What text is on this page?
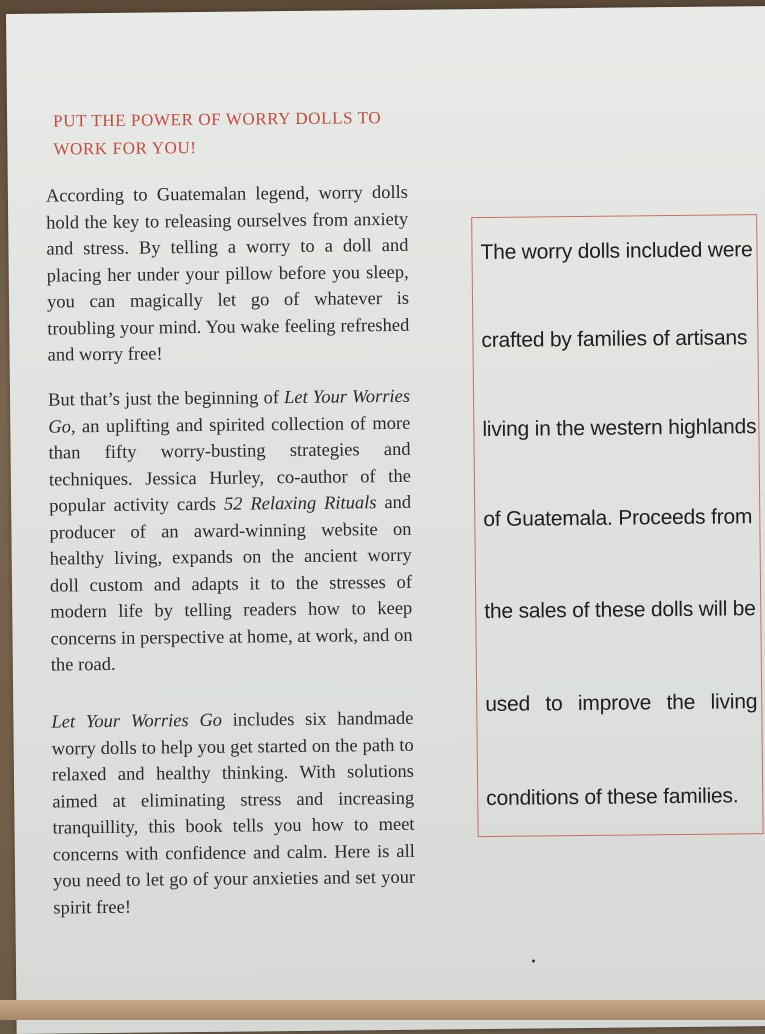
PUT THE POWER OF WORRY DOLLS TO WORK FOR YOU!

According to Guatemalan legend, worry dolls hold the key to releasing ourselves from anxiety and stress. By telling a worry to a doll and placing her under your pillow before you sleep, you can magically let go of whatever is troubling your mind. You wake feeling refreshed and worry free!

But that’s just the beginning of Let Your Worries Go, an uplifting and spirited collection of more than fifty worry-busting strategies and techniques. Jessica Hurley, co-author of the popular activity cards 52 Relaxing Rituals and producer of an award-winning website on healthy living, expands on the ancient worry doll custom and adapts it to the stresses of modern life by telling readers how to keep concerns in perspective at home, at work, and on the road.

Let Your Worries Go includes six handmade worry dolls to help you get started on the path to relaxed and healthy thinking. With solutions aimed at eliminating stress and increasing tranquillity, this book tells you how to meet concerns with confidence and calm. Here is all you need to let go of your anxieties and set your spirit free!

The worry dolls included were

crafted by families of artisans

living in the western highlands

of Guatemala. Proceeds from

the sales of these dolls will be

used to improve the living

conditions of these families.
